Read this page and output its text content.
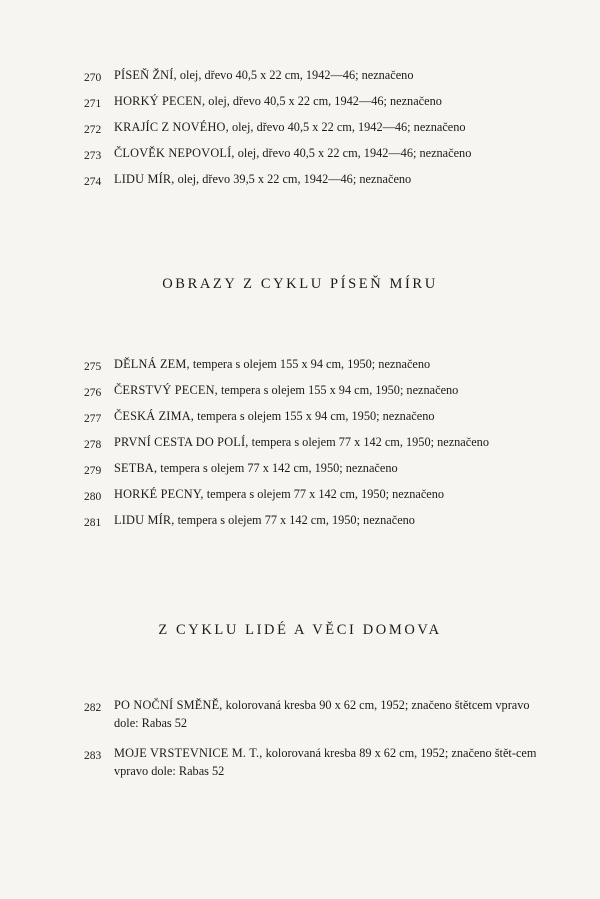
270	PÍSEŇ ŽNÍ, olej, dřevo 40,5 x 22 cm, 1942—46; neznačeno
271	HORKÝ PECEN, olej, dřevo 40,5 x 22 cm, 1942—46; neznačeno
272	KRAJÍC Z NOVÉHO, olej, dřevo 40,5 x 22 cm, 1942—46; neznačeno
273	ČLOVĚK NEPOVOLÍ, olej, dřevo 40,5 x 22 cm, 1942—46; neznačeno
274	LIDU MÍR, olej, dřevo 39,5 x 22 cm, 1942—46; neznačeno
OBRAZY Z CYKLU PÍSEŇ MÍRU
275	DĚLNÁ ZEM, tempera s olejem 155 x 94 cm, 1950; neznačeno
276	ČERSTVÝ PECEN, tempera s olejem 155 x 94 cm, 1950; neznačeno
277	ČESKÁ ZIMA, tempera s olejem 155 x 94 cm, 1950; neznačeno
278	PRVNÍ CESTA DO POLÍ, tempera s olejem 77 x 142 cm, 1950; neznačeno
279	SETBA, tempera s olejem 77 x 142 cm, 1950; neznačeno
280	HORKÉ PECNY, tempera s olejem 77 x 142 cm, 1950; neznačeno
281	LIDU MÍR, tempera s olejem 77 x 142 cm, 1950; neznačeno
Z CYKLU LIDÉ A VĚCI DOMOVA
282	PO NOČNÍ SMĚNĚ, kolorovaná kresba 90 x 62 cm, 1952; značeno štětcem vpravo dole: Rabas 52
283	MOJE VRSTEVNICE M. T., kolorovaná kresba 89 x 62 cm, 1952; značeno štět-cem vpravo dole: Rabas 52
